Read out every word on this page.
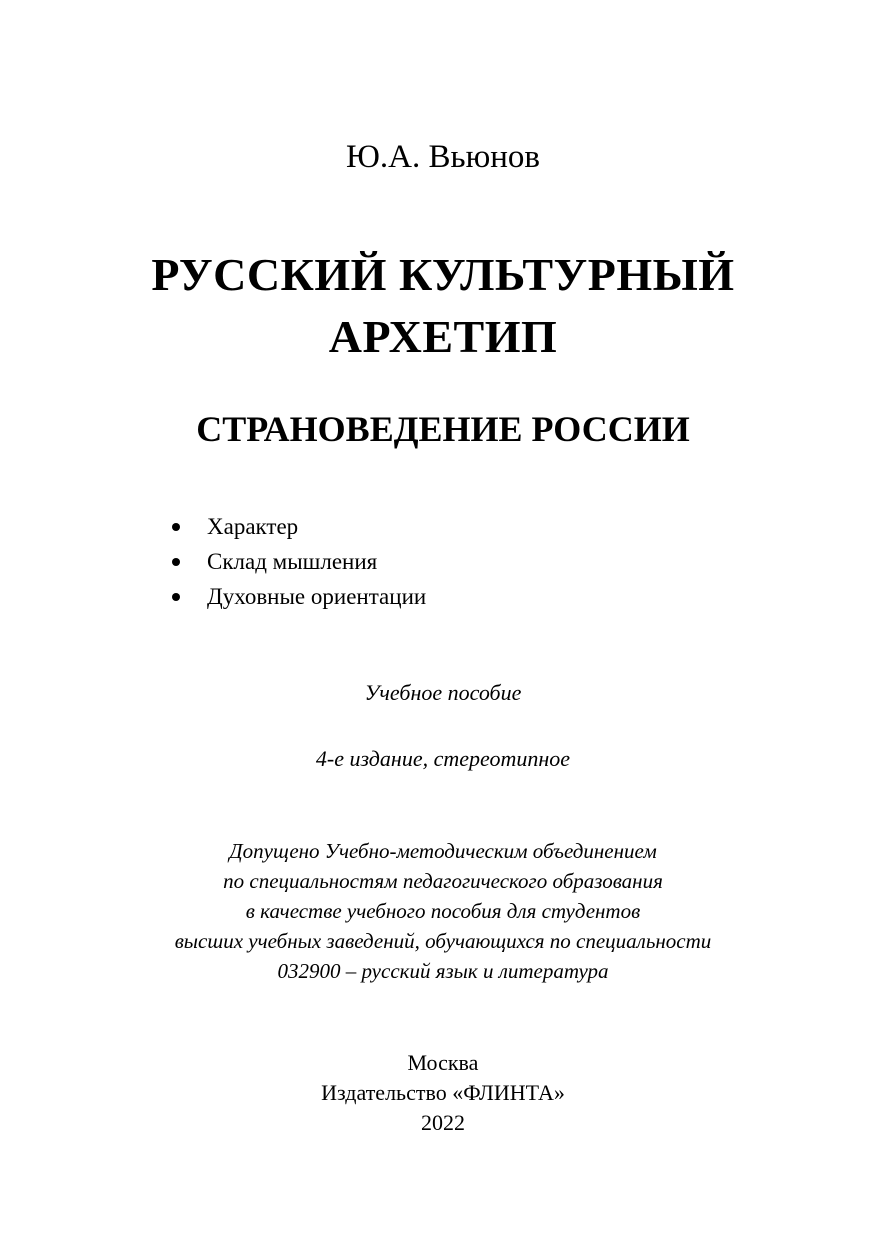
Ю.А. Вьюнов
РУССКИЙ КУЛЬТУРНЫЙ
АРХЕТИП
СТРАНОВЕДЕНИЕ РОССИИ
Характер
Склад мышления
Духовные ориентации
Учебное пособие
4-е издание, стереотипное
Допущено Учебно-методическим объединением
по специальностям педагогического образования
в качестве учебного пособия для студентов
высших учебных заведений, обучающихся по специальности
032900 – русский язык и литература
Москва
Издательство «ФЛИНТА»
2022
